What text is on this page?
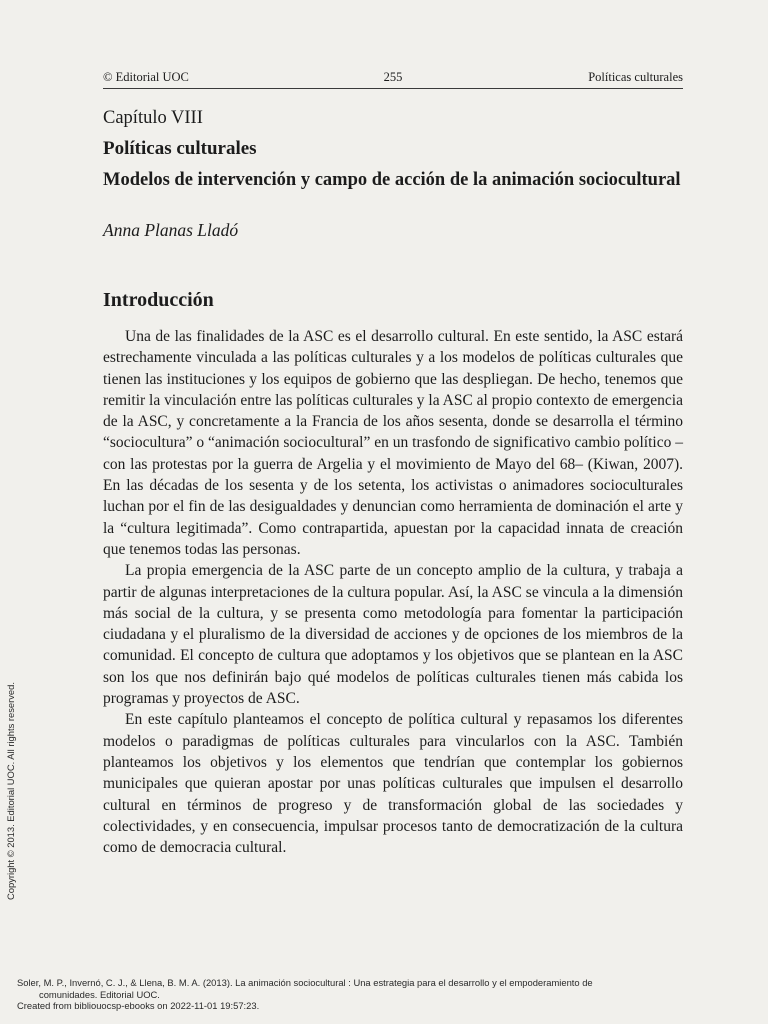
© Editorial UOC	255	Políticas culturales
Capítulo VIII
Políticas culturales
Modelos de intervención y campo de acción de la animación sociocultural
Anna Planas Lladó
Introducción

Una de las finalidades de la ASC es el desarrollo cultural. En este sentido, la ASC estará estrechamente vinculada a las políticas culturales y a los modelos de políticas culturales que tienen las instituciones y los equipos de gobierno que las despliegan. De hecho, tenemos que remitir la vinculación entre las políticas culturales y la ASC al propio contexto de emergencia de la ASC, y concretamente a la Francia de los años sesenta, donde se desarrolla el término “sociocultura” o “animación sociocultural” en un trasfondo de significativo cambio político –con las protestas por la guerra de Argelia y el movimiento de Mayo del 68– (Kiwan, 2007). En las décadas de los sesenta y de los setenta, los activistas o animadores socioculturales luchan por el fin de las desigualdades y denuncian como herramienta de dominación el arte y la “cultura legitimada”. Como contrapartida, apuestan por la capacidad innata de creación que tenemos todas las personas.

La propia emergencia de la ASC parte de un concepto amplio de la cultura, y trabaja a partir de algunas interpretaciones de la cultura popular. Así, la ASC se vincula a la dimensión más social de la cultura, y se presenta como metodología para fomentar la participación ciudadana y el pluralismo de la diversidad de acciones y de opciones de los miembros de la comunidad. El concepto de cultura que adoptamos y los objetivos que se plantean en la ASC son los que nos definirán bajo qué modelos de políticas culturales tienen más cabida los programas y proyectos de ASC.

En este capítulo planteamos el concepto de política cultural y repasamos los diferentes modelos o paradigmas de políticas culturales para vincularlos con la ASC. También planteamos los objetivos y los elementos que tendrían que contemplar los gobiernos municipales que quieran apostar por unas políticas culturales que impulsen el desarrollo cultural en términos de progreso y de transformación global de las sociedades y colectividades, y en consecuencia, impulsar procesos tanto de democratización de la cultura como de democracia cultural.

Copyright © 2013. Editorial UOC. All rights reserved.
Soler, M. P., Invernó, C. J., & Llena, B. M. A. (2013). La animación sociocultural : Una estrategia para el desarrollo y el empoderamiento de
comunidades. Editorial UOC.
Created from bibliouocsp-ebooks on 2022-11-01 19:57:23.
